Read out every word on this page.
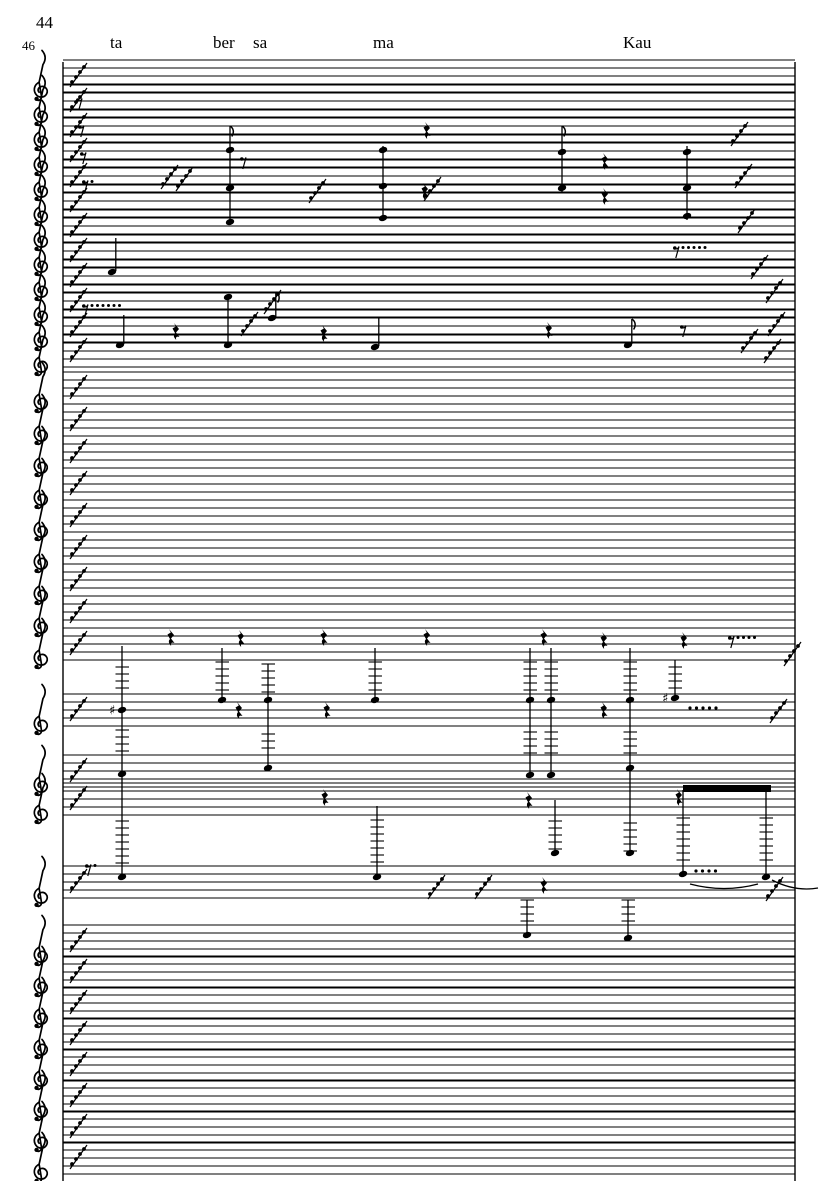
44
46	ta	ber sa	ma	Kau
♯
♯
